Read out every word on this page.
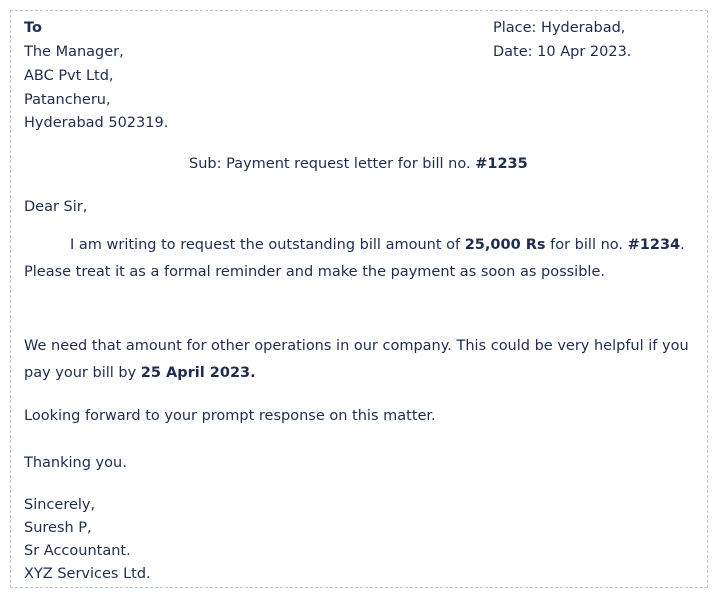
To
The Manager,
ABC Pvt Ltd,
Patancheru,
Hyderabad 502319.
Place: Hyderabad,
Date: 10 Apr 2023.
Sub: Payment request letter for bill no. #1235
Dear Sir,
I am writing to request the outstanding bill amount of 25,000 Rs for bill no. #1234. Please treat it as a formal reminder and make the payment as soon as possible.
We need that amount for other operations in our company. This could be very helpful if you pay your bill by 25 April 2023.
Looking forward to your prompt response on this matter.
Thanking you.
Sincerely,
Suresh P,
Sr Accountant.
XYZ Services Ltd.
